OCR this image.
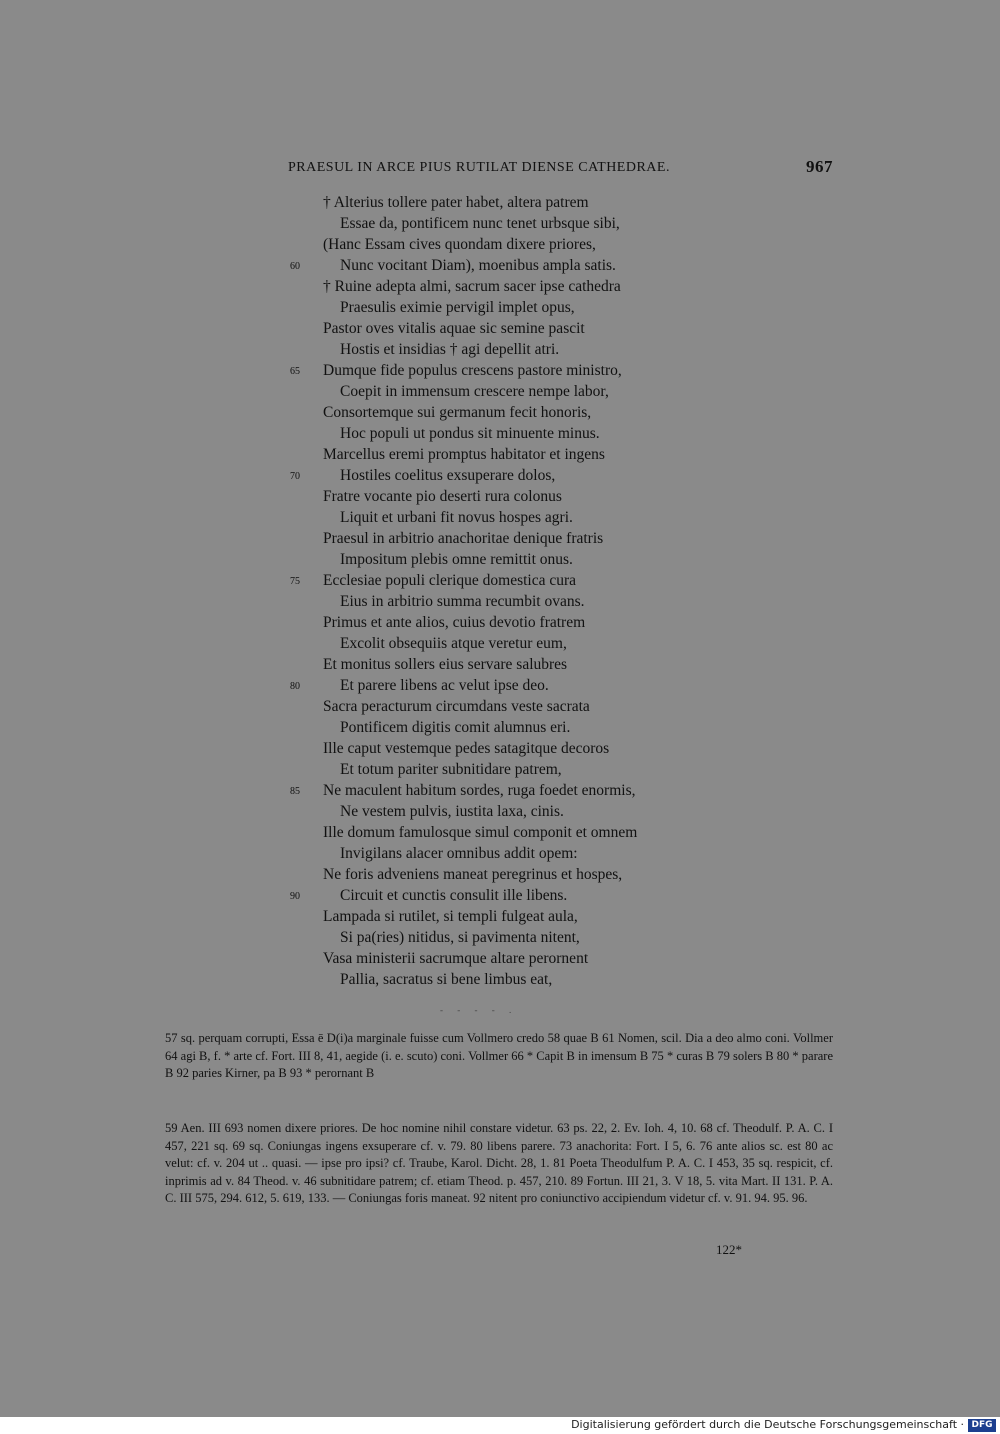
PRAESUL IN ARCE PIUS RUTILAT DIENSE CATHEDRAE.	967
† Alterius tollere pater habet, altera patrem
Essae da, pontificem nunc tenet urbsque sibi,
(Hanc Essam cives quondam dixere priores,
60	Nunc vocitant Diam), moenibus ampla satis.
† Ruine adepta almi, sacrum sacer ipse cathedra
Praesulis eximie pervigil implet opus,
Pastor oves vitalis aquae sic semine pascit
Hostis et insidias † agi depellit atri.
65 Dumque fide populus crescens pastore ministro,
Coepit in immensum crescere nempe labor,
Consortemque sui germanum fecit honoris,
Hoc populi ut pondus sit minuente minus.
Marcellus eremi promptus habitator et ingens
70	Hostiles coelitus exsuperare dolos,
Fratre vocante pio deserti rura colonus
Liquit et urbani fit novus hospes agri.
Praesul in arbitrio anachoritae denique fratris
Impositum plebis omne remittit onus.
75 Ecclesiae populi clerique domestica cura
Eius in arbitrio summa recumbit ovans.
Primus et ante alios, cuius devotio fratrem
Excolit obsequiis atque veretur eum,
Et monitus sollers eius servare salubres
80	Et parere libens ac velut ipse deo.
Sacra peracturum circumdans veste sacrata
Pontificem digitis comit alumnus eri.
Ille caput vestemque pedes satagitque decoros
Et totum pariter subnitidare patrem,
85 Ne maculent habitum sordes, ruga foedet enormis,
Ne vestem pulvis, iustita laxa, cinis.
Ille domum famulosque simul componit et omnem
Invigilans alacer omnibus addit opem:
Ne foris adveniens maneat peregrinus et hospes,
90	Circuit et cunctis consulit ille libens.
Lampada si rutilet, si templi fulgeat aula,
Si pa(ries) nitidus, si pavimenta nitent,
Vasa ministerii sacrumque altare perornent
Pallia, sacratus si bene limbus eat,
- - - - .
57 sq. perquam corrupti, Essa ē D(i)a marginale fuisse cum Vollmero credo 58 quae B 61 Nomen, scil. Dia a deo almo coni. Vollmer 64 agi B, f. * arte cf. Fort. III 8, 41, aegide (i. e. scuto) coni. Vollmer 66 * Capit B in imensum B 75 * curas B 79 solers B 80 * parare B 92 paries Kirner, pa B 93 * perornant B
59 Aen. III 693 nomen dixere priores. De hoc nomine nihil constare videtur. 63 ps. 22, 2. Ev. Ioh. 4, 10. 68 cf. Theodulf. P. A. C. I 457, 221 sq. 69 sq. Coniungas ingens exsuperare cf. v. 79. 80 libens parere. 73 anachorita: Fort. I 5, 6. 76 ante alios sc. est 80 ac velut: cf. v. 204 ut .. quasi. — ipse pro ipsi? cf. Traube, Karol. Dicht. 28, 1. 81 Poeta Theodulfum P. A. C. I 453, 35 sq. respicit, cf. inprimis ad v. 84 Theod. v. 46 subnitidare patrem; cf. etiam Theod. p. 457, 210. 89 Fortun. III 21, 3. V 18, 5. vita Mart. II 131. P. A. C. III 575, 294. 612, 5. 619, 133. — Coniungas foris maneat. 92 nitent pro coniunctivo accipiendum videtur cf. v. 91. 94. 95. 96.
122*
Digitalisierung gefördert durch die Deutsche Forschungsgemeinschaft · DFG
